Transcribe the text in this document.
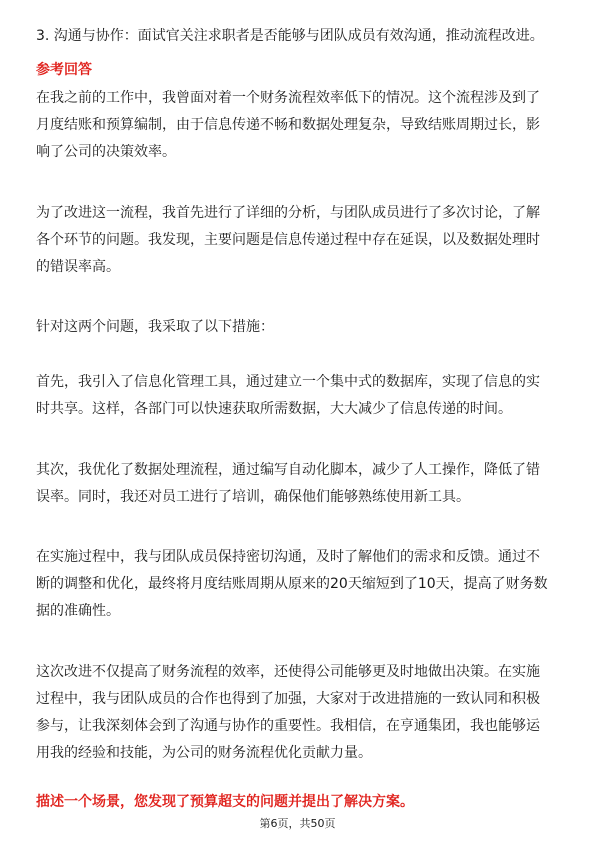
3. 沟通与协作：面试官关注求职者是否能够与团队成员有效沟通，推动流程改进。
参考回答
在我之前的工作中，我曾面对着一个财务流程效率低下的情况。这个流程涉及到了
月度结账和预算编制，由于信息传递不畅和数据处理复杂，导致结账周期过长，影
响了公司的决策效率。
为了改进这一流程，我首先进行了详细的分析，与团队成员进行了多次讨论，了解
各个环节的问题。我发现，主要问题是信息传递过程中存在延误，以及数据处理时
的错误率高。
针对这两个问题，我采取了以下措施：
首先，我引入了信息化管理工具，通过建立一个集中式的数据库，实现了信息的实
时共享。这样，各部门可以快速获取所需数据，大大减少了信息传递的时间。
其次，我优化了数据处理流程，通过编写自动化脚本，减少了人工操作，降低了错
误率。同时，我还对员工进行了培训，确保他们能够熟练使用新工具。
在实施过程中，我与团队成员保持密切沟通，及时了解他们的需求和反馈。通过不
断的调整和优化，最终将月度结账周期从原来的20天缩短到了10天，提高了财务数
据的准确性。
这次改进不仅提高了财务流程的效率，还使得公司能够更及时地做出决策。在实施
过程中，我与团队成员的合作也得到了加强，大家对于改进措施的一致认同和积极
参与，让我深刻体会到了沟通与协作的重要性。我相信，在亨通集团，我也能够运
用我的经验和技能，为公司的财务流程优化贡献力量。
描述一个场景，您发现了预算超支的问题并提出了解决方案。
第6页，共50页
